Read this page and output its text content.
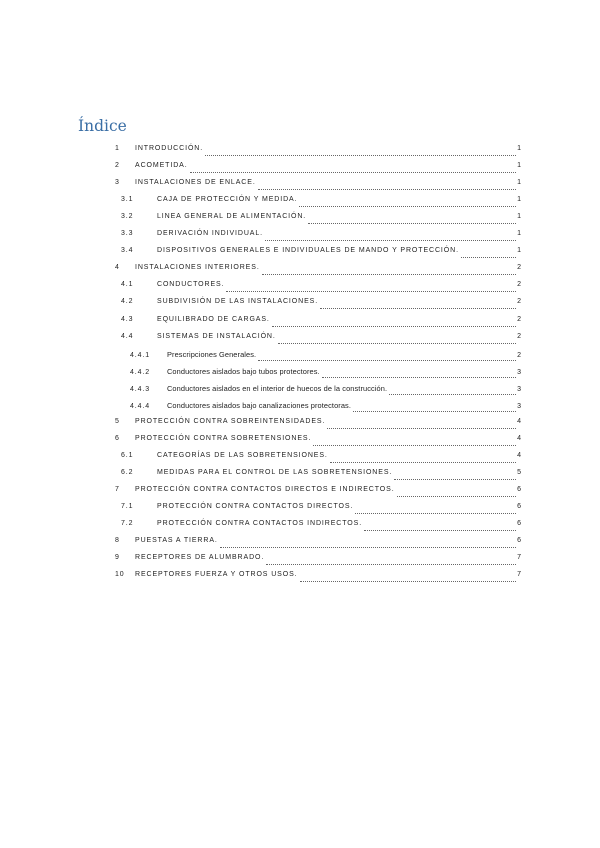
Índice
1	INTRODUCCIÓN.	1
2	ACOMETIDA.	1
3	INSTALACIONES DE ENLACE.	1
3.1	CAJA DE PROTECCIÓN Y MEDIDA.	1
3.2	LINEA GENERAL DE ALIMENTACIÓN.	1
3.3	DERIVACIÓN INDIVIDUAL.	1
3.4	DISPOSITIVOS GENERALES E INDIVIDUALES DE MANDO Y PROTECCIÓN.	1
4	INSTALACIONES INTERIORES.	2
4.1	CONDUCTORES.	2
4.2	SUBDIVISIÓN DE LAS INSTALACIONES.	2
4.3	EQUILIBRADO DE CARGAS.	2
4.4	SISTEMAS DE INSTALACIÓN.	2
4.4.1	Prescripciones Generales.	2
4.4.2	Conductores aislados bajo tubos protectores.	3
4.4.3	Conductores aislados en el interior de huecos de la construcción.	3
4.4.4	Conductores aislados bajo canalizaciones protectoras.	3
5	PROTECCIÓN CONTRA SOBREINTENSIDADES.	4
6	PROTECCIÓN CONTRA SOBRETENSIONES.	4
6.1	CATEGORÍAS DE LAS SOBRETENSIONES.	4
6.2	MEDIDAS PARA EL CONTROL DE LAS SOBRETENSIONES.	5
7	PROTECCIÓN CONTRA CONTACTOS DIRECTOS E INDIRECTOS.	6
7.1	PROTECCIÓN CONTRA CONTACTOS DIRECTOS.	6
7.2	PROTECCIÓN CONTRA CONTACTOS INDIRECTOS.	6
8	PUESTAS A TIERRA.	6
9	RECEPTORES DE ALUMBRADO.	7
10	RECEPTORES FUERZA Y OTROS USOS.	7
